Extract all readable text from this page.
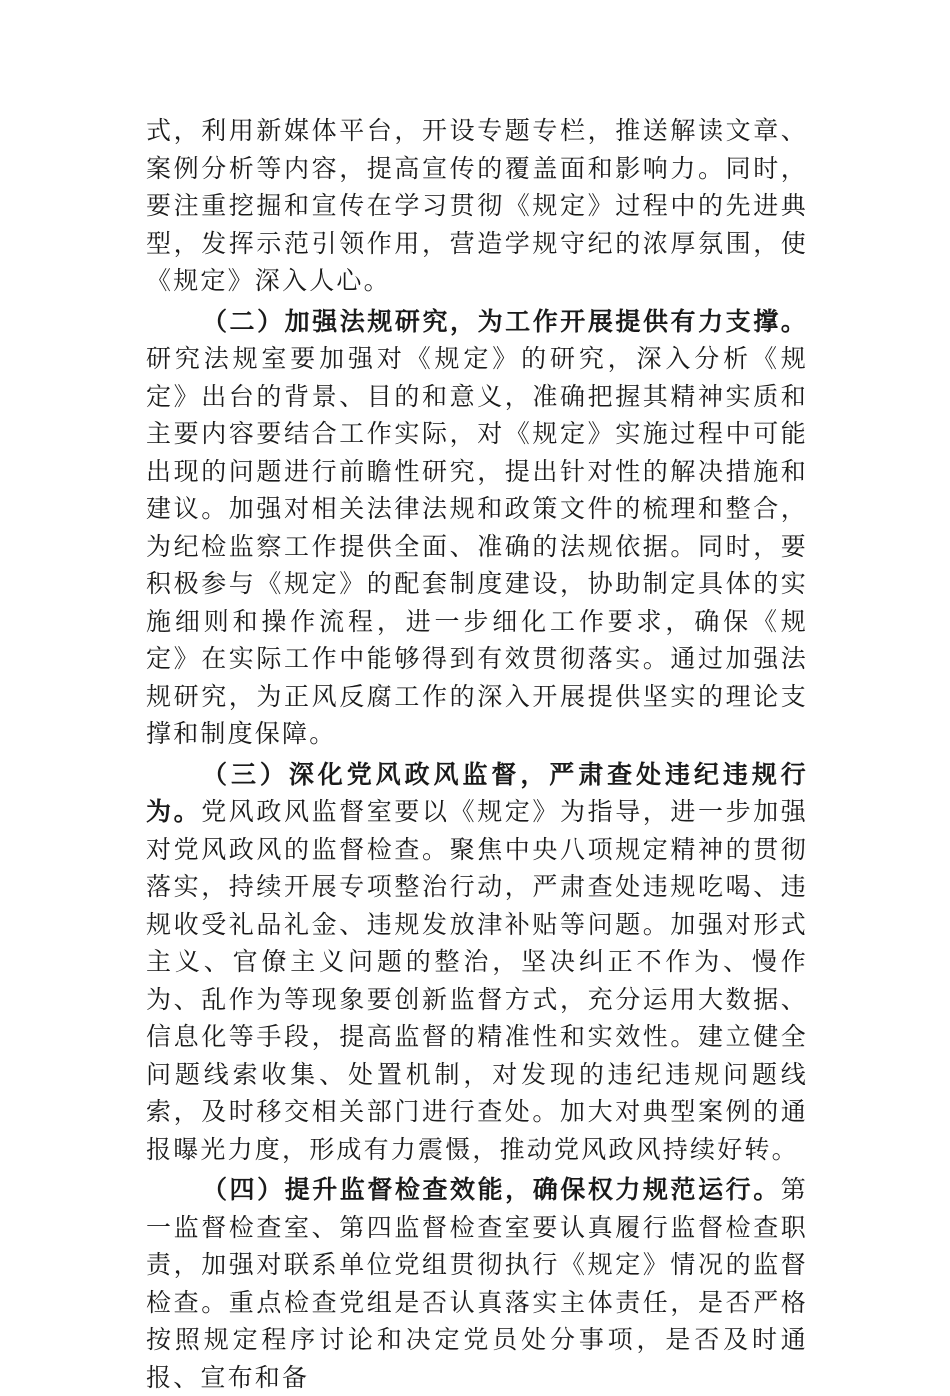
式，利用新媒体平台，开设专题专栏，推送解读文章、案例分析等内容，提高宣传的覆盖面和影响力。同时，要注重挖掘和宣传在学习贯彻《规定》过程中的先进典型，发挥示范引领作用，营造学规守纪的浓厚氛围，使《规定》深入人心。

（二）加强法规研究，为工作开展提供有力支撑。研究法规室要加强对《规定》的研究，深入分析《规定》出台的背景、目的和意义，准确把握其精神实质和主要内容要结合工作实际，对《规定》实施过程中可能出现的问题进行前瞻性研究，提出针对性的解决措施和建议。加强对相关法律法规和政策文件的梳理和整合，为纪检监察工作提供全面、准确的法规依据。同时，要积极参与《规定》的配套制度建设，协助制定具体的实施细则和操作流程，进一步细化工作要求，确保《规定》在实际工作中能够得到有效贯彻落实。通过加强法规研究，为正风反腐工作的深入开展提供坚实的理论支撑和制度保障。

（三）深化党风政风监督，严肃查处违纪违规行为。党风政风监督室要以《规定》为指导，进一步加强对党风政风的监督检查。聚焦中央八项规定精神的贯彻落实，持续开展专项整治行动，严肃查处违规吃喝、违规收受礼品礼金、违规发放津补贴等问题。加强对形式主义、官僚主义问题的整治，坚决纠正不作为、慢作为、乱作为等现象要创新监督方式，充分运用大数据、信息化等手段，提高监督的精准性和实效性。建立健全问题线索收集、处置机制，对发现的违纪违规问题线索，及时移交相关部门进行查处。加大对典型案例的通报曝光力度，形成有力震慑，推动党风政风持续好转。

（四）提升监督检查效能，确保权力规范运行。第一监督检查室、第四监督检查室要认真履行监督检查职责，加强对联系单位党组贯彻执行《规定》情况的监督检查。重点检查党组是否认真落实主体责任，是否严格按照规定程序讨论和决定党员处分事项，是否及时通报、宣布和备
